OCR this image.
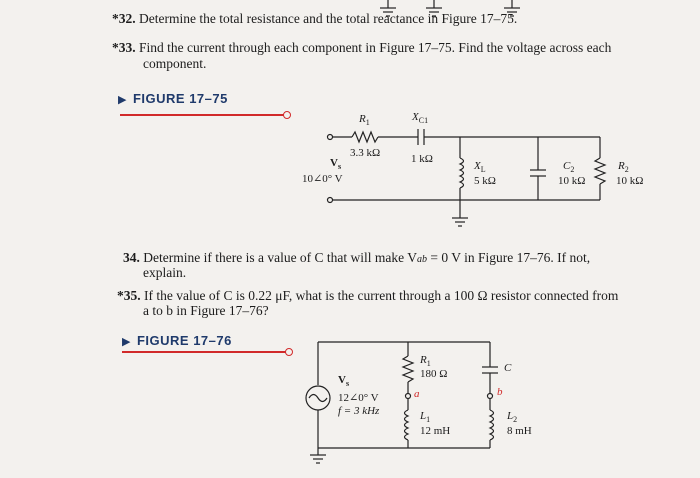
*32. Determine the total resistance and the total reactance in Figure 17–75.
*33. Find the current through each component in Figure 17–75. Find the voltage across each
component.
▶ FIGURE 17–75
34. Determine if there is a value of C that will make Vab = 0 V in Figure 17–76. If not,
explain.
*35. If the value of C is 0.22 μF, what is the current through a 100 Ω resistor connected from
a to b in Figure 17–76?
▶ FIGURE 17–76
$R_1$
3.3 kΩ
$X_{C1}$
1 kΩ
$V_s$
10∠0° V
$X_L$
5 kΩ
$C_2$
10 kΩ
$R_2$
10 kΩ
$V_s$
12∠0° V
f = 3 kHz
$R_1$
180 Ω
a	b
C
$L_1$
12 mH
$L_2$
8 mH
